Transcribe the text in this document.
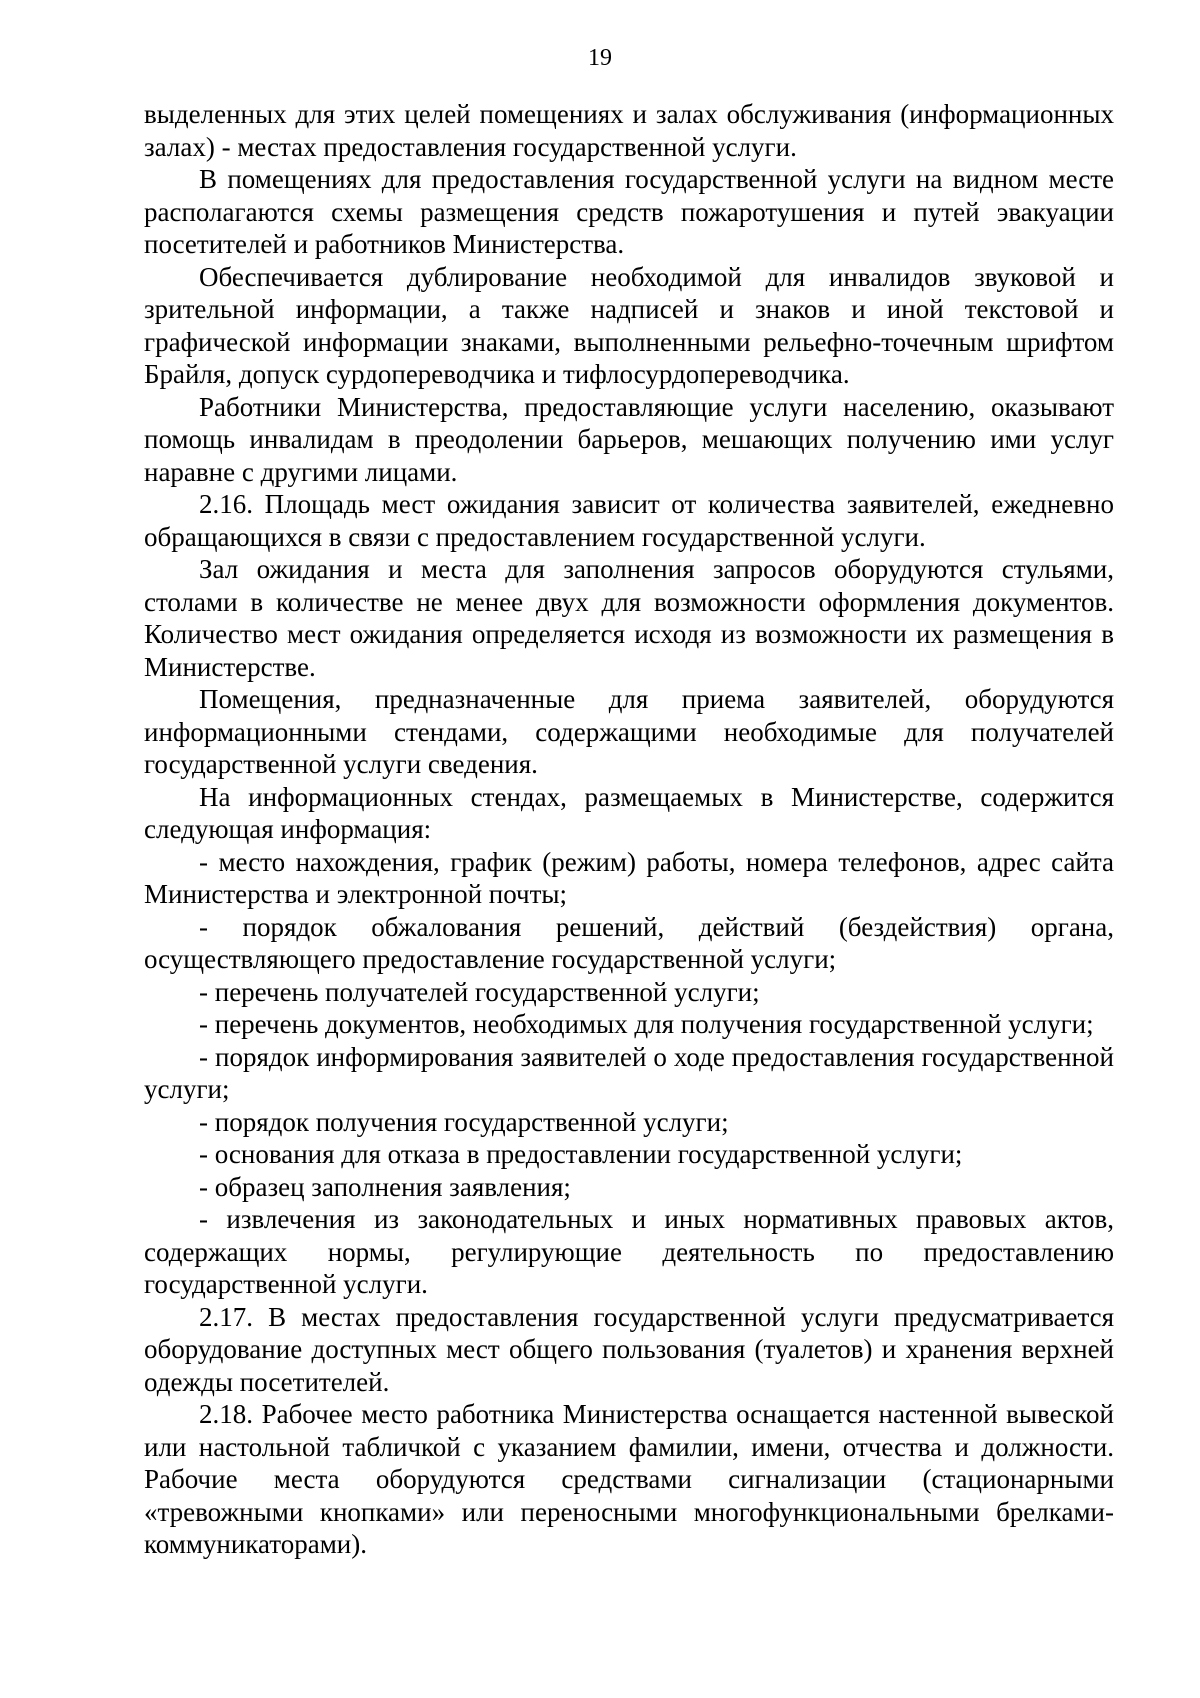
19

выделенных для этих целей помещениях и залах обслуживания (информационных залах) - местах предоставления государственной услуги.

В помещениях для предоставления государственной услуги на видном месте располагаются схемы размещения средств пожаротушения и путей эвакуации посетителей и работников Министерства.

Обеспечивается дублирование необходимой для инвалидов звуковой и зрительной информации, а также надписей и знаков и иной текстовой и графической информации знаками, выполненными рельефно-точечным шрифтом Брайля, допуск сурдопереводчика и тифлосурдопереводчика.

Работники Министерства, предоставляющие услуги населению, оказывают помощь инвалидам в преодолении барьеров, мешающих получению ими услуг наравне с другими лицами.

2.16. Площадь мест ожидания зависит от количества заявителей, ежедневно обращающихся в связи с предоставлением государственной услуги.

Зал ожидания и места для заполнения запросов оборудуются стульями, столами в количестве не менее двух для возможности оформления документов. Количество мест ожидания определяется исходя из возможности их размещения в Министерстве.

Помещения, предназначенные для приема заявителей, оборудуются информационными стендами, содержащими необходимые для получателей государственной услуги сведения.

На информационных стендах, размещаемых в Министерстве, содержится следующая информация:

- место нахождения, график (режим) работы, номера телефонов, адрес сайта Министерства и электронной почты;

- порядок обжалования решений, действий (бездействия) органа, осуществляющего предоставление государственной услуги;

- перечень получателей государственной услуги;

- перечень документов, необходимых для получения государственной услуги;

- порядок информирования заявителей о ходе предоставления государственной услуги;

- порядок получения государственной услуги;

- основания для отказа в предоставлении государственной услуги;

- образец заполнения заявления;

- извлечения из законодательных и иных нормативных правовых актов, содержащих нормы, регулирующие деятельность по предоставлению государственной услуги.

2.17. В местах предоставления государственной услуги предусматривается оборудование доступных мест общего пользования (туалетов) и хранения верхней одежды посетителей.

2.18. Рабочее место работника Министерства оснащается настенной вывеской или настольной табличкой с указанием фамилии, имени, отчества и должности. Рабочие места оборудуются средствами сигнализации (стационарными «тревожными кнопками» или переносными многофункциональными брелками-коммуникаторами).
